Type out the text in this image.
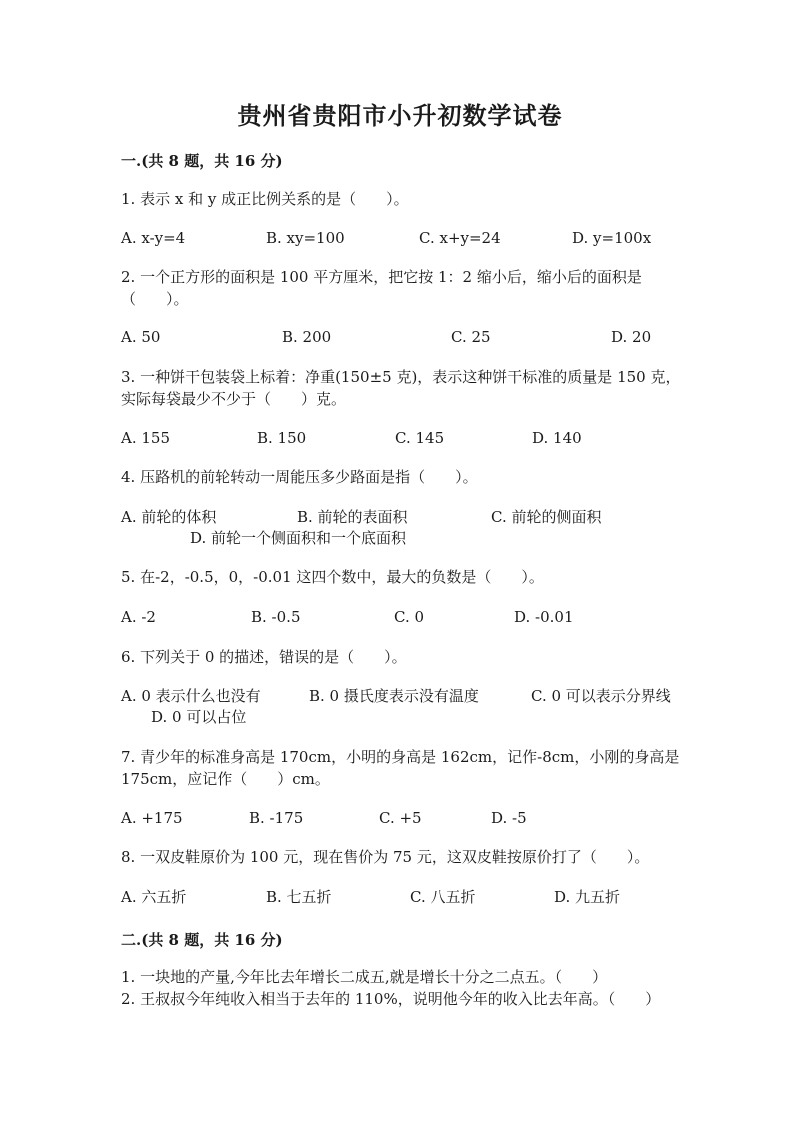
贵州省贵阳市小升初数学试卷
一.(共 8 题，共 16 分)
1. 表示 x 和 y 成正比例关系的是（　　）。
A. x-y=4	B. xy=100	C. x+y=24	D. y=100x
2. 一个正方形的面积是 100 平方厘米，把它按 1：2 缩小后，缩小后的面积是（　　）。
A. 50	B. 200	C. 25	D. 20
3. 一种饼干包装袋上标着：净重(150±5 克)，表示这种饼干标准的质量是 150 克，实际每袋最少不少于（　　）克。
A. 155	B. 150	C. 145	D. 140
4. 压路机的前轮转动一周能压多少路面是指（　　）。
A. 前轮的体积	B. 前轮的表面积	C. 前轮的侧面积
D. 前轮一个侧面积和一个底面积
5. 在-2，-0.5，0，-0.01 这四个数中，最大的负数是（　　）。
A. -2	B. -0.5	C. 0	D. -0.01
6. 下列关于 0 的描述，错误的是（　　）。
A. 0 表示什么也没有	B. 0 摄氏度表示没有温度	C. 0 可以表示分界线
D. 0 可以占位
7. 青少年的标准身高是 170cm，小明的身高是 162cm，记作-8cm，小刚的身高是 175cm，应记作（　　）cm。
A. +175	B. -175	C. +5	D. -5
8. 一双皮鞋原价为 100 元，现在售价为 75 元，这双皮鞋按原价打了（　　）。
A. 六五折	B. 七五折	C. 八五折	D. 九五折
二.(共 8 题，共 16 分)
1. 一块地的产量,今年比去年增长二成五,就是增长十分之二点五。（　　）
2. 王叔叔今年纯收入相当于去年的 110%，说明他今年的收入比去年高。（　　）
